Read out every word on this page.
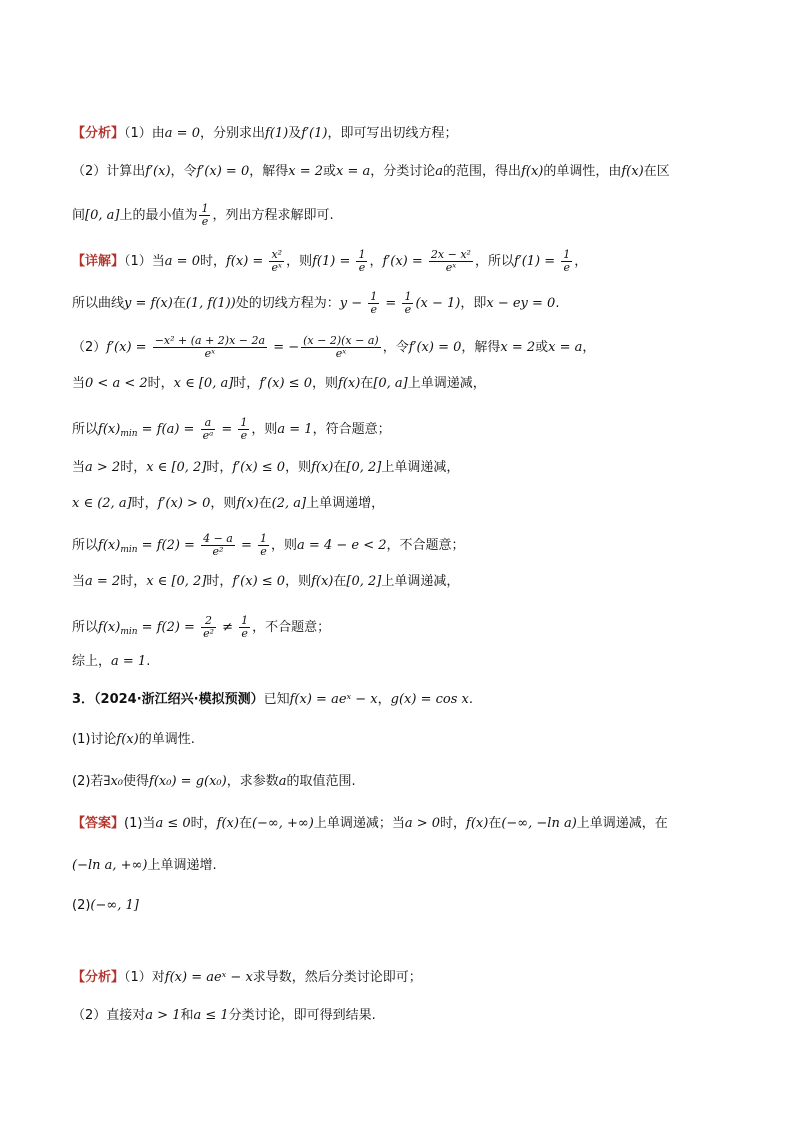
【分析】（1）由a = 0，分别求出f(1)及f′(1)，即可写出切线方程；
（2）计算出f′(x)，令f′(x) = 0，解得x = 2或x = a，分类讨论a的范围，得出f(x)的单调性，由f(x)在区
间[0, a]上的最小值为 $\frac{1}{e}$ ，列出方程求解即可.
【详解】（1）当a = 0时，$f(x) = \frac{\text{x²}}{\text{eˣ}}$ ，则$f(1) = \frac{1}{e}$ ，$f'(x) = \frac{\text{2x − x²}}{\text{eˣ}}$ ，所以$f'(1) = \frac{1}{e}$ ，
所以曲线y = f(x)在(1, f(1))处的切线方程为：$y - \frac{1}{e} = \frac{1}{e} (x - 1)$，即x − ey = 0.
$(2)f'(x) = \frac{\text{−x² + (a + 2)x − 2a}}{\text{eˣ}}$ = − $\frac{(x - 2)(x - a)}{\text{eˣ}}$ ，令f′(x) = 0，解得x = 2或x = a，
当0 < a < 2时，x ∈ [0, a]时，f′(x) ≤ 0，则f(x)在[0, a]上单调递减，
所以$f(x)_{min} = f(a) = \frac{a}{\text{eᵃ}} = \frac{1}{e}$ ，则a = 1，符合题意；
当a > 2时，x ∈ [0, 2]时，f′(x) ≤ 0，则f(x)在[0, 2]上单调递减，
x ∈ (2, a]时，f′(x) > 0，则f(x)在(2, a]上单调递增，
所以$f(x)_{min} = f(2) = \frac{4 - a}{\text{e²}} = \frac{1}{e}$ ，则a = 4 − e < 2，不合题意；
当a = 2时，x ∈ [0, 2]时，f′(x) ≤ 0，则f(x)在[0, 2]上单调递减，
所以$f(x)_{min} = f(2) = \frac{2}{\text{e²}} \ne \frac{1}{e}$ ，不合题意；
综上，a = 1.
3．（2024·浙江绍兴·模拟预测）已知f(x) = aeˣ − x，g(x) = cos x.
(1)讨论f(x)的单调性.
(2)若∃x₀使得f(x₀) = g(x₀)，求参数a的取值范围.
【答案】(1)当a ≤ 0时，f(x)在(−∞, +∞)上单调递减；当a > 0时，f(x)在(−∞, −ln a)上单调递减，在
(−ln a, +∞)上单调递增.
(2)(−∞, 1]
【分析】（1）对f(x) = aeˣ − x求导数，然后分类讨论即可；
（2）直接对a > 1和a ≤ 1分类讨论，即可得到结果.
